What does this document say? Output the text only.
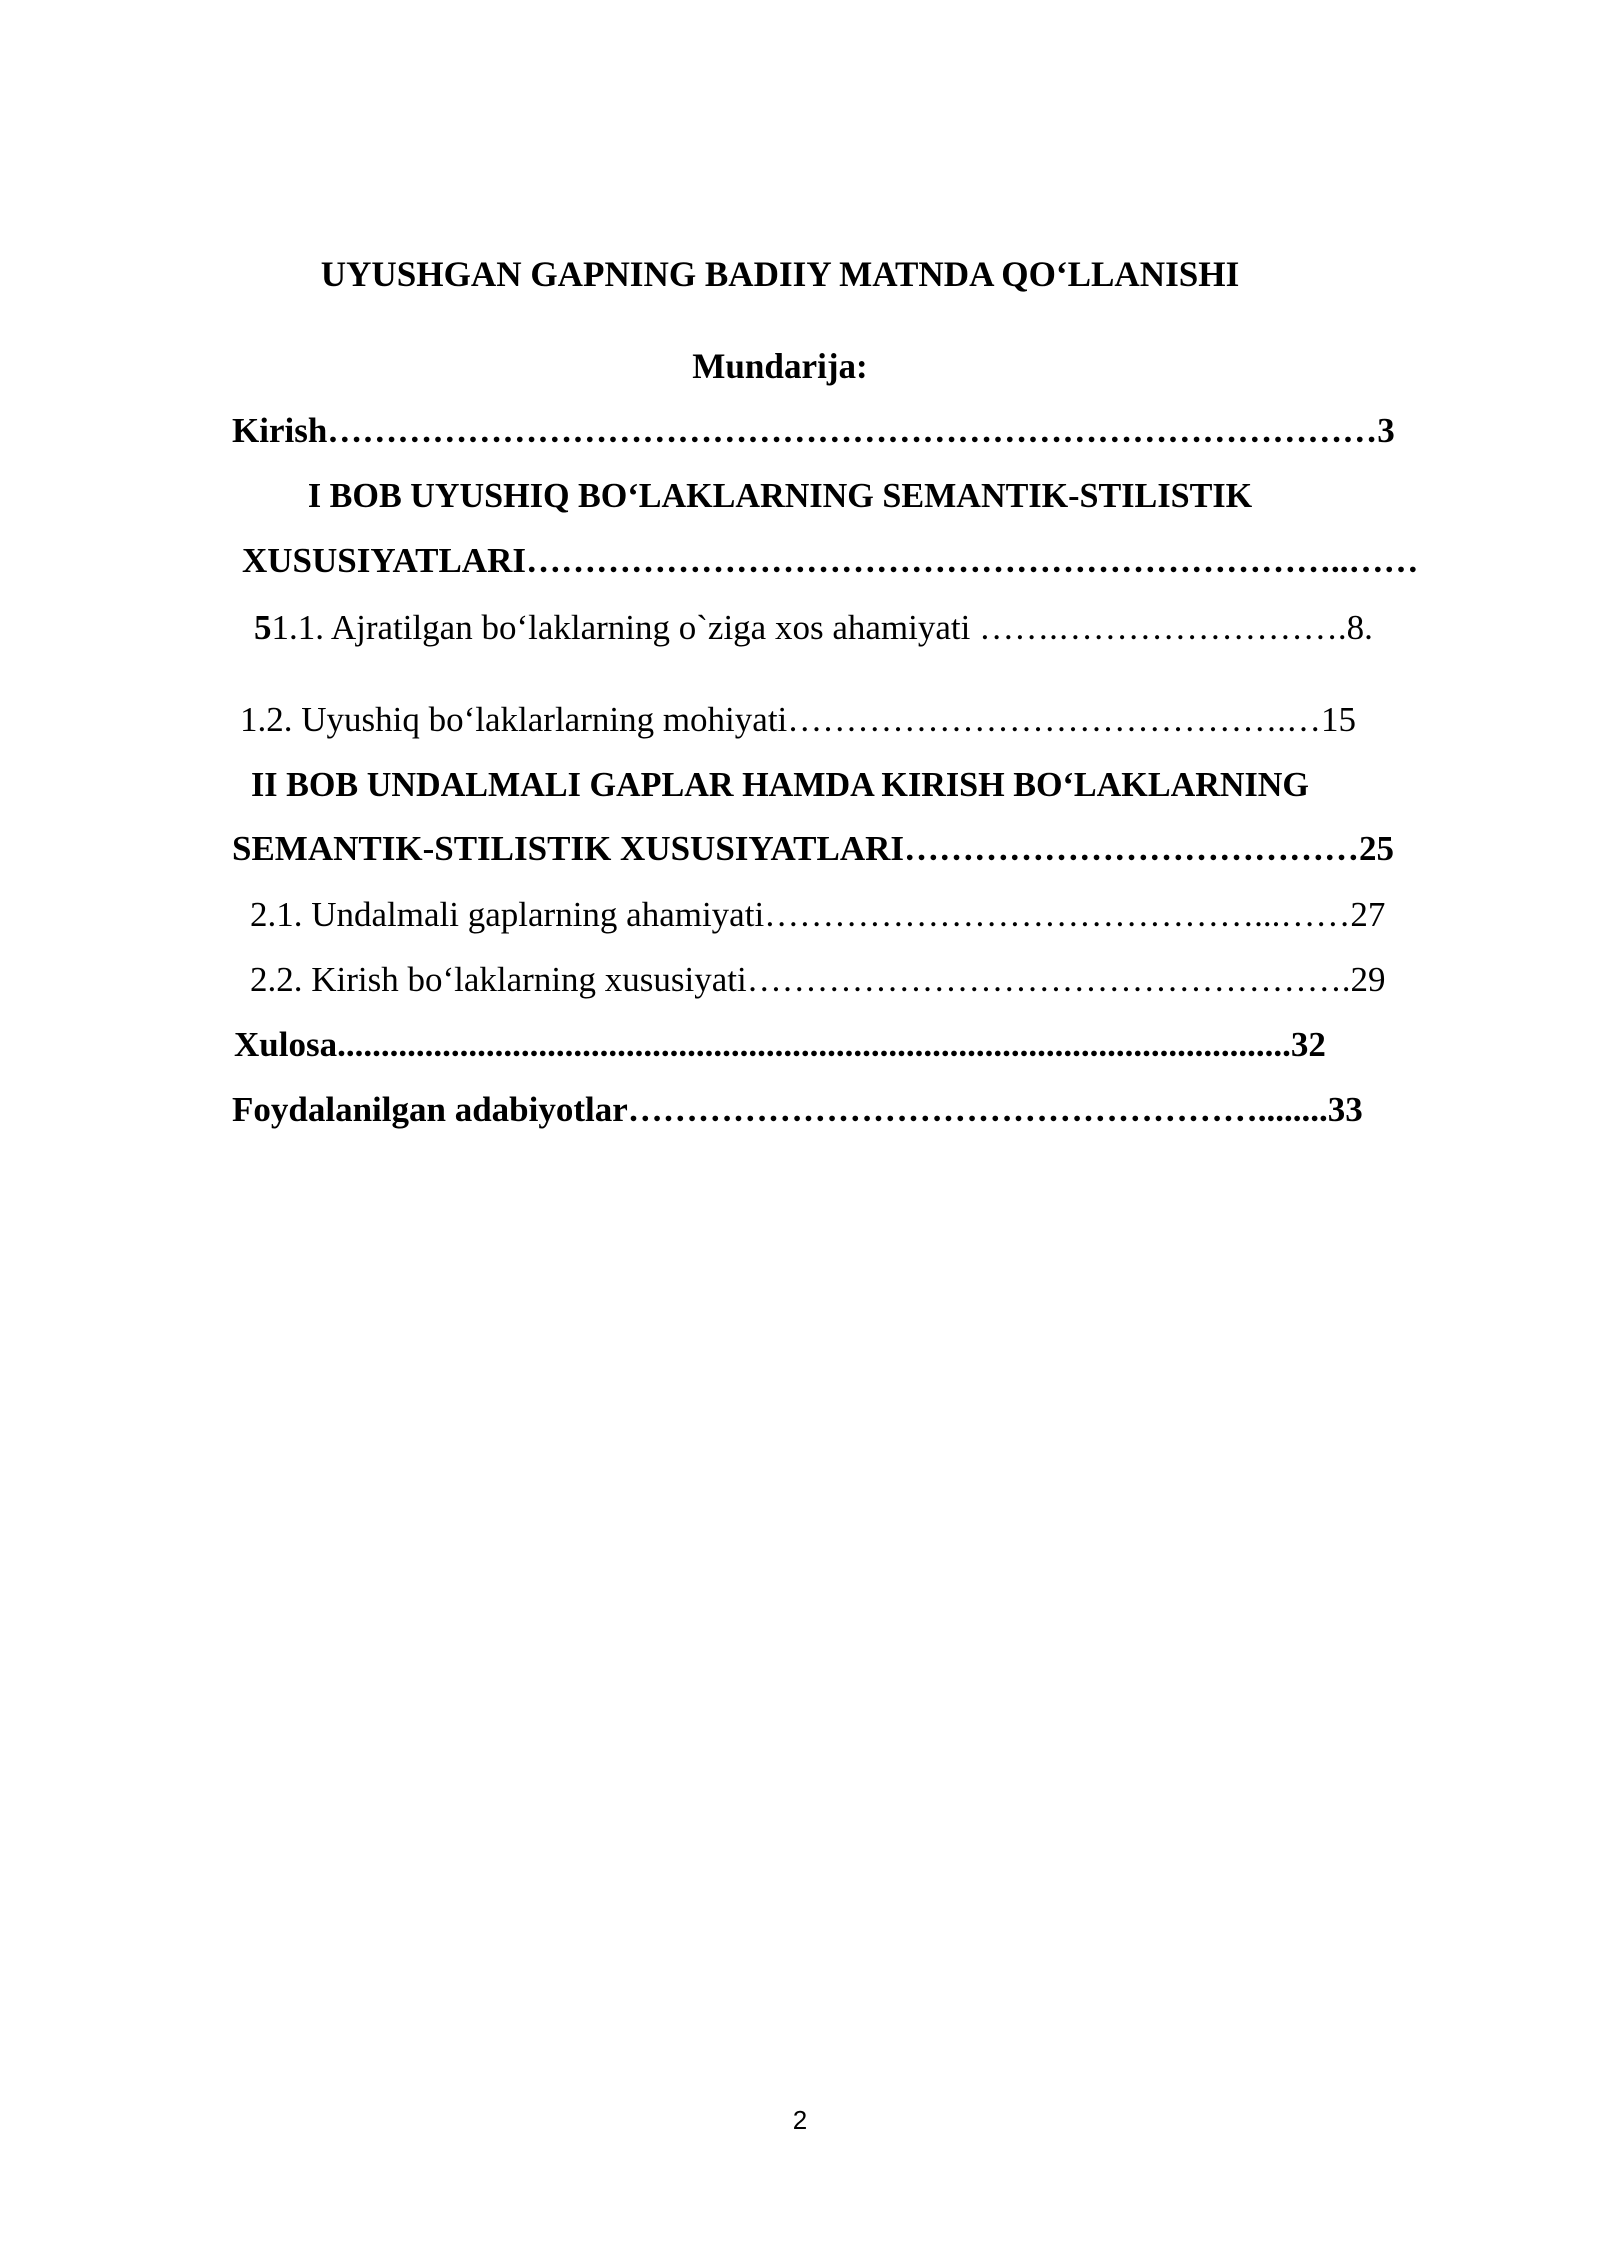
UYUSHGAN GAPNING BADIIY MATNDA QO‘LLANISHI
Mundarija:
Kirish………………………………………………………………………………3
I BOB UYUSHIQ BO‘LAKLARNING SEMANTIK-STILISTIK
XUSUSIYATLARI……………………………………………………………..……
51.1. Ajratilgan bo‘laklarning o`ziga xos ahamiyati …….…………………….8.
1.2. Uyushiq bo‘laklarlarning mohiyati…………………………………….…15
II BOB UNDALMALI GAPLAR HAMDA KIRISH BO‘LAKLARNING
SEMANTIK-STILISTIK XUSUSIYATLARI…………………………………25
2.1. Undalmali gaplarning ahamiyati……………………………………...……27
2.2. Kirish bo‘laklarning xususiyati…………………………………………….29
Xulosa.............................................................................................................32
Foydalanilgan adabiyotlar………………………………………………........33
2
